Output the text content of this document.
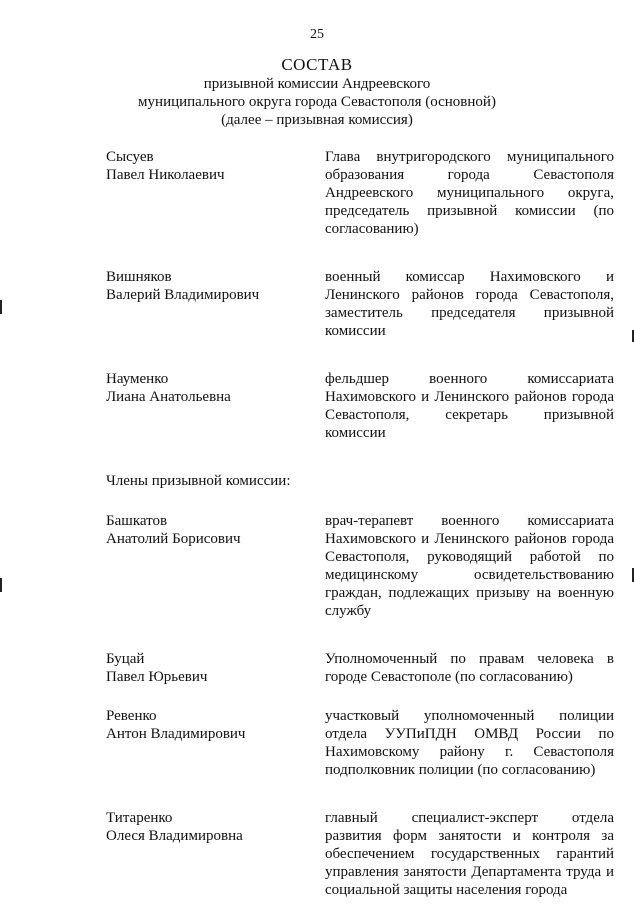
25
СОСТАВ
призывной комиссии Андреевского
муниципального округа города Севастополя (основной)
(далее – призывная комиссия)
Сысуев
Павел Николаевич
Глава внутригородского муниципального образования города Севастополя Андреевского муниципального округа, председатель призывной комиссии (по согласованию)
Вишняков
Валерий Владимирович
военный комиссар Нахимовского и Ленинского районов города Севастополя, заместитель председателя призывной комиссии
Науменко
Лиана Анатольевна
фельдшер военного комиссариата Нахимовского и Ленинского районов города Севастополя, секретарь призывной комиссии
Члены призывной комиссии:
Башкатов
Анатолий Борисович
врач-терапевт военного комиссариата Нахимовского и Ленинского районов города Севастополя, руководящий работой по медицинскому освидетельствованию граждан, подлежащих призыву на военную службу
Буцай
Павел Юрьевич
Уполномоченный по правам человека в городе Севастополе (по согласованию)
Ревенко
Антон Владимирович
участковый уполномоченный полиции отдела УУПиПДН ОМВД России по Нахимовскому району г. Севастополя подполковник полиции (по согласованию)
Титаренко
Олеся Владимировна
главный специалист-эксперт отдела развития форм занятости и контроля за обеспечением государственных гарантий управления занятости Департамента труда и социальной защиты населения города
